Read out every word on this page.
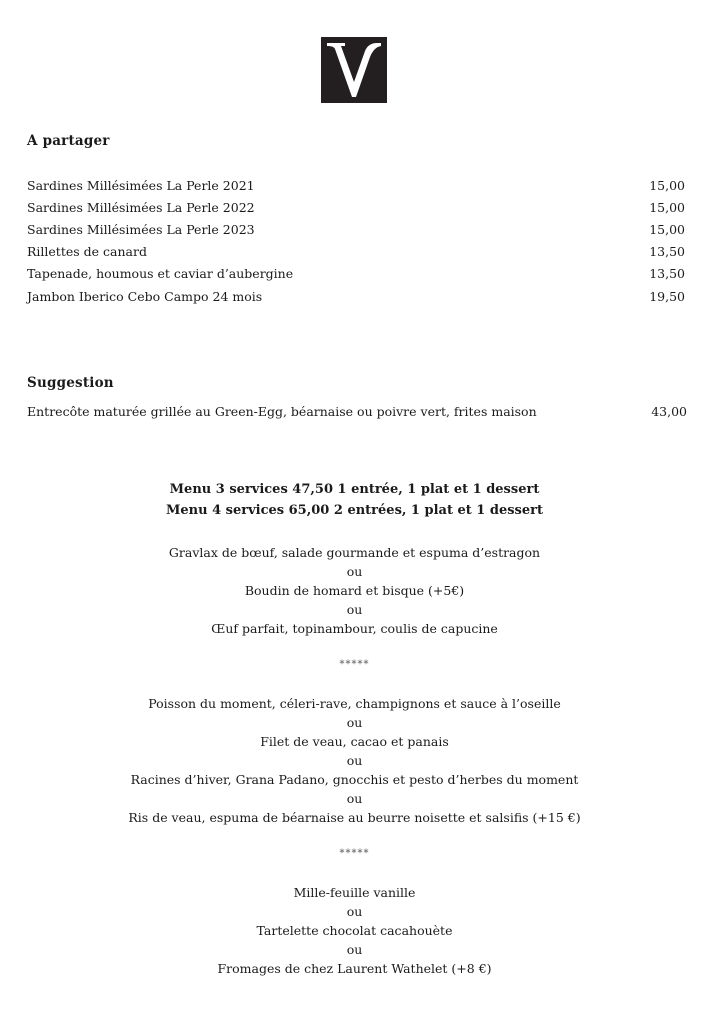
A partager
Sardines Millésimées La Perle 2021	15,00
Sardines Millésimées La Perle 2022	15,00
Sardines Millésimées La Perle 2023	15,00
Rillettes de canard	13,50
Tapenade, houmous et caviar d’aubergine	13,50
Jambon Iberico Cebo Campo 24 mois	19,50
Suggestion
Entrecôte maturée grillée au Green-Egg, béarnaise ou poivre vert, frites maison	43,00
Menu 3 services 47,50 1 entrée, 1 plat et 1 dessert
Menu 4 services 65,00 2 entrées, 1 plat et 1 dessert
Gravlax de bœuf, salade gourmande et espuma d’estragon
ou
Boudin de homard et bisque (+5€)
ou
Œuf parfait, topinambour, coulis de capucine
*****
Poisson du moment, céleri-rave, champignons et sauce à l’oseille
ou
Filet de veau, cacao et panais
ou
Racines d’hiver, Grana Padano, gnocchis et pesto d’herbes du moment
ou
Ris de veau, espuma de béarnaise au beurre noisette et salsifis (+15 €)
*****
Mille-feuille vanille
ou
Tartelette chocolat cacahouète
ou
Fromages de chez Laurent Wathelet (+8 €)
